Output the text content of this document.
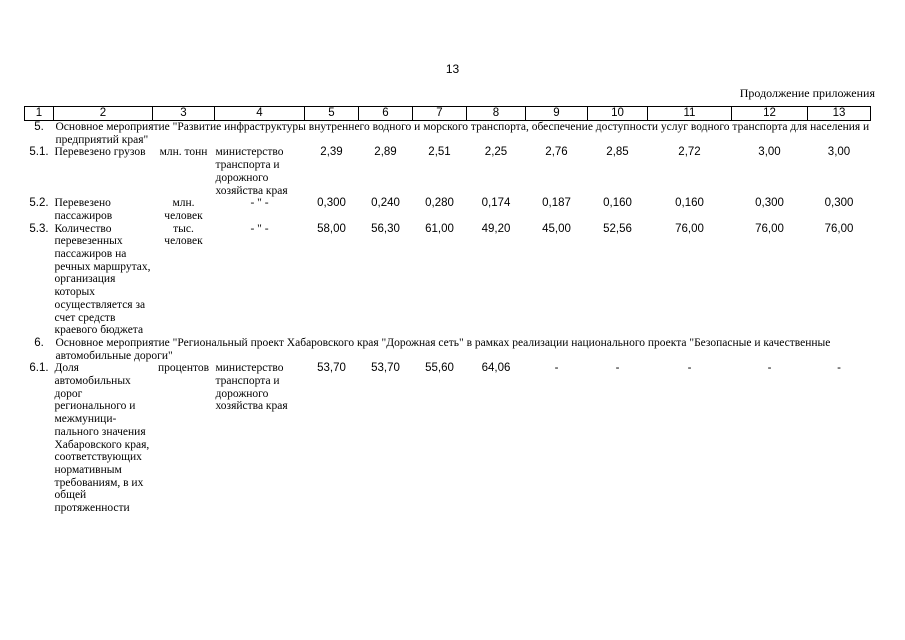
13
Продолжение приложения
1	2	3	4	5	6	7	8	9	10	11	12	13
5.	Основное мероприятие "Развитие инфраструктуры внутреннего водного и морского транспорта, обеспечение доступности услуг водного транспорта для населения и предприятий края"											
5.1.	Перевезено грузов	млн. тонн	министерство транспорта и дорожного хозяйства края	2,39	2,89	2,51	2,25	2,76	2,85	2,72	3,00	3,00
5.2.	Перевезено пассажиров	млн. человек	- " -	0,300	0,240	0,280	0,174	0,187	0,160	0,160	0,300	0,300
5.3.	Количество перевезенных пассажиров на речных маршрутах, организация которых осуществляется за счет средств краевого бюджета	тыс. человек	- " -	58,00	56,30	61,00	49,20	45,00	52,56	76,00	76,00	76,00
6.	Основное мероприятие "Региональный проект Хабаровского края "Дорожная сеть" в рамках реализации национального проекта "Безопасные и качественные автомобильные дороги"											
6.1.	Доля автомобильных дорог регионального и межмуници-пального значения Хабаровского края, соответствующих нормативным требованиям, в их общей протяженности	процентов	министерство транспорта и дорожного хозяйства края	53,70	53,70	55,60	64,06	-	-	-	-	-
